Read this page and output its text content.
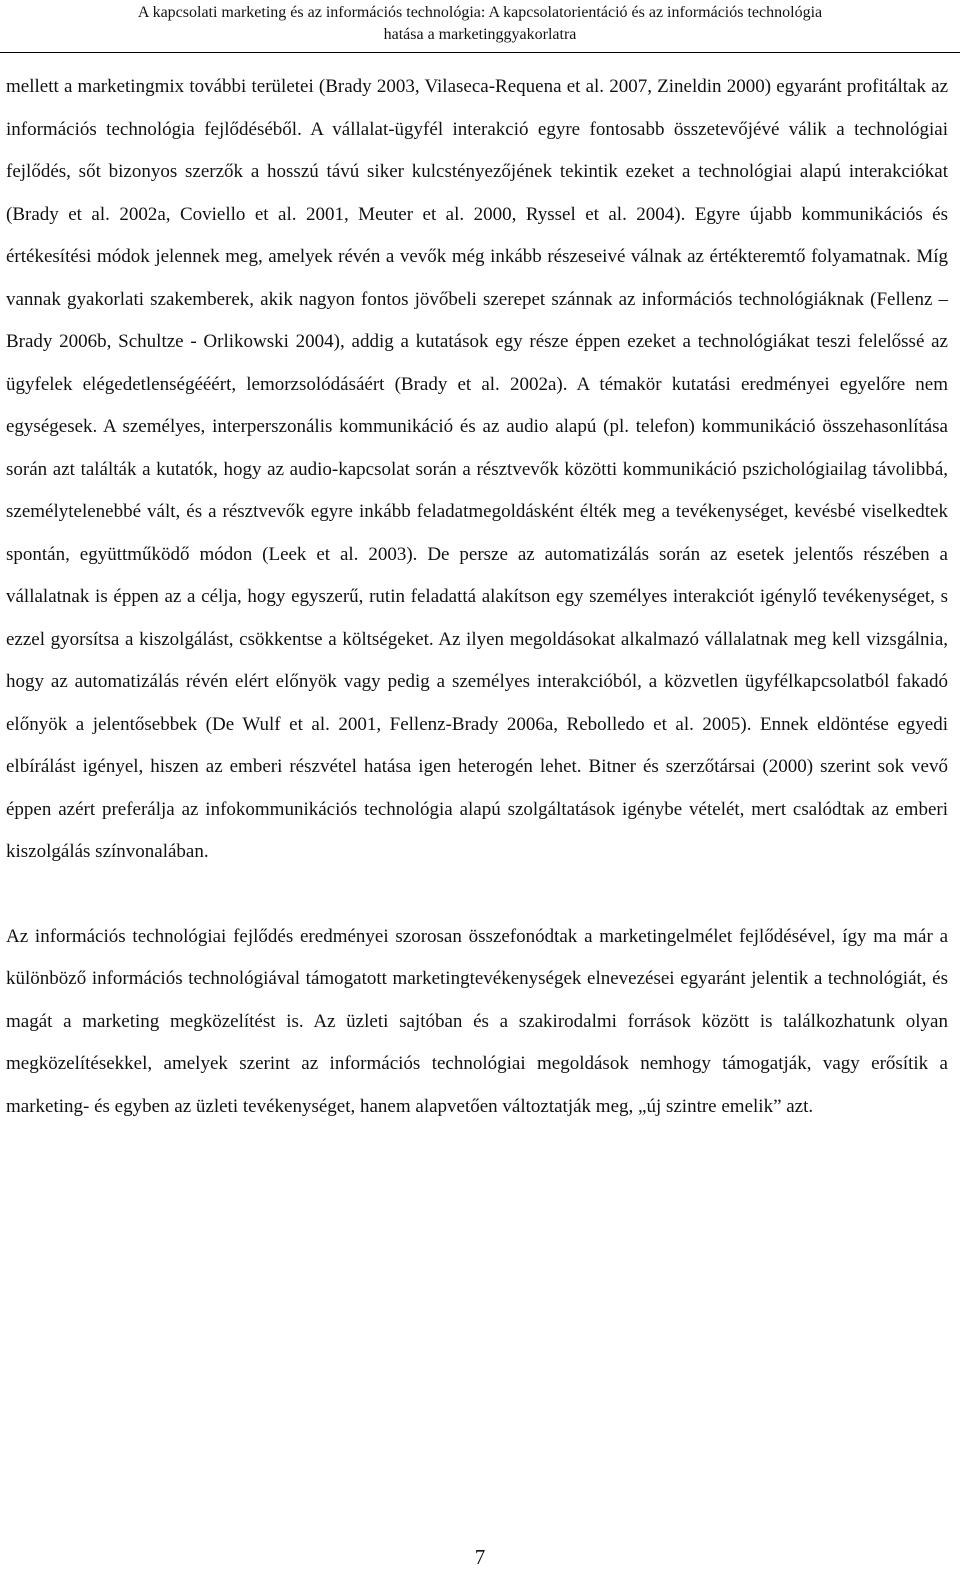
A kapcsolati marketing és az információs technológia: A kapcsolatorientáció és az információs technológia
hatása a marketinggyakorlatra

mellett a marketingmix további területei (Brady 2003, Vilaseca-Requena et al. 2007, Zineldin 2000) egyaránt profitáltak az információs technológia fejlődéséből. A vállalat-ügyfél interakció egyre fontosabb összetevőjévé válik a technológiai fejlődés, sőt bizonyos szerzők a hosszú távú siker kulcstényezőjének tekintik ezeket a technológiai alapú interakciókat (Brady et al. 2002a, Coviello et al. 2001, Meuter et al. 2000, Ryssel et al. 2004). Egyre újabb kommunikációs és értékesítési módok jelennek meg, amelyek révén a vevők még inkább részeseivé válnak az értékteremtő folyamatnak. Míg vannak gyakorlati szakemberek, akik nagyon fontos jövőbeli szerepet szánnak az információs technológiáknak (Fellenz – Brady 2006b, Schultze - Orlikowski 2004), addig a kutatások egy része éppen ezeket a technológiákat teszi felelőssé az ügyfelek elégedetlenségééért, lemorzsolódásáért (Brady et al. 2002a). A témakör kutatási eredményei egyelőre nem egységesek. A személyes, interperszonális kommunikáció és az audio alapú (pl. telefon) kommunikáció összehasonlítása során azt találták a kutatók, hogy az audio-kapcsolat során a résztvevők közötti kommunikáció pszichológiailag távolibbá, személytelenebbé vált, és a résztvevők egyre inkább feladatmegoldásként élték meg a tevékenységet, kevésbé viselkedtek spontán, együttműködő módon (Leek et al. 2003). De persze az automatizálás során az esetek jelentős részében a vállalatnak is éppen az a célja, hogy egyszerű, rutin feladattá alakítson egy személyes interakciót igénylő tevékenységet, s ezzel gyorsítsa a kiszolgálást, csökkentse a költségeket. Az ilyen megoldásokat alkalmazó vállalatnak meg kell vizsgálnia, hogy az automatizálás révén elért előnyök vagy pedig a személyes interakcióból, a közvetlen ügyfélkapcsolatból fakadó előnyök a jelentősebbek (De Wulf et al. 2001, Fellenz-Brady 2006a, Rebolledo et al. 2005). Ennek eldöntése egyedi elbírálást igényel, hiszen az emberi részvétel hatása igen heterogén lehet. Bitner és szerzőtársai (2000) szerint sok vevő éppen azért preferálja az infokommunikációs technológia alapú szolgáltatások igénybe vételét, mert csalódtak az emberi kiszolgálás színvonalában.

Az információs technológiai fejlődés eredményei szorosan összefonódtak a marketingelmélet fejlődésével, így ma már a különböző információs technológiával támogatott marketingtevékenységek elnevezései egyaránt jelentik a technológiát, és magát a marketing megközelítést is. Az üzleti sajtóban és a szakirodalmi források között is találkozhatunk olyan megközelítésekkel, amelyek szerint az információs technológiai megoldások nemhogy támogatják, vagy erősítik a marketing- és egyben az üzleti tevékenységet, hanem alapvetően változtatják meg, „új szintre emelik” azt.

7
